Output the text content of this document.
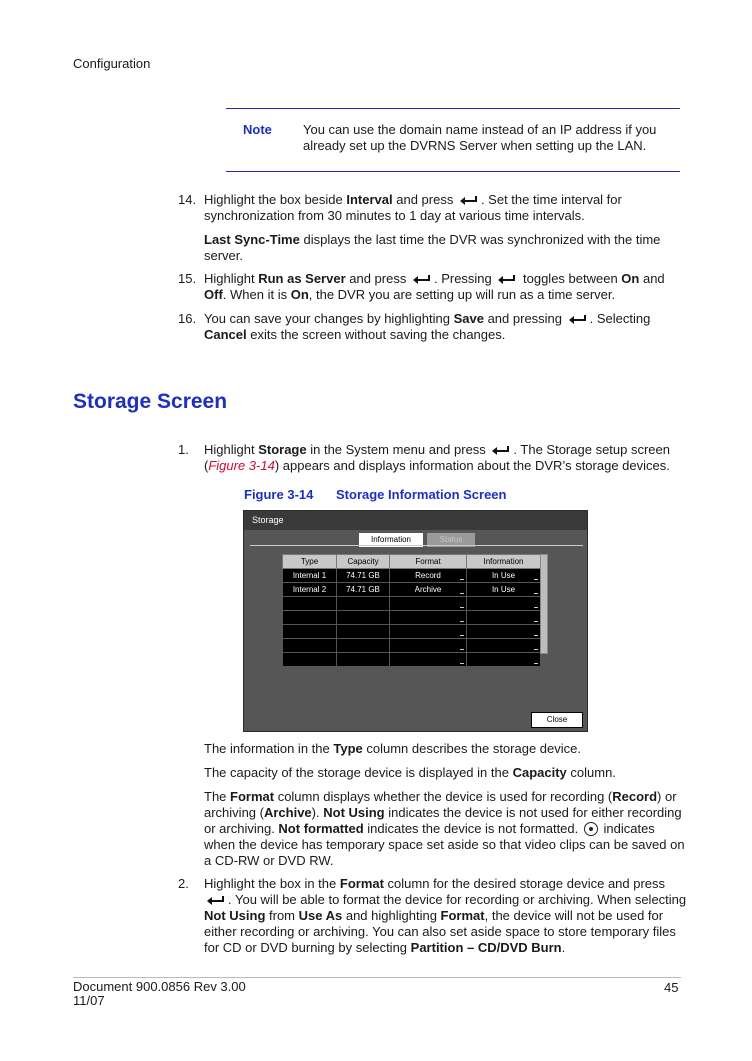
Configuration
Note You can use the domain name instead of an IP address if you already set up the DVRNS Server when setting up the LAN.
14. Highlight the box beside Interval and press . Set the time interval for synchronization from 30 minutes to 1 day at various time intervals.
Last Sync-Time displays the last time the DVR was synchronized with the time server.
15. Highlight Run as Server and press . Pressing  toggles between On and Off. When it is On, the DVR you are setting up will run as a time server.
16. You can save your changes by highlighting Save and pressing . Selecting Cancel exits the screen without saving the changes.
Storage Screen
1.	Highlight Storage in the System menu and press . The Storage setup screen (Figure 3-14) appears and displays information about the DVR’s storage devices.
Figure 3-14 Storage Information Screen
Storage
Information	Status
Type	Capacity	Format	Information
Internal 1	74.71 GB	Record	In Use
Internal 2	74.71 GB	Archive	In Use

Close
The information in the Type column describes the storage device.
The capacity of the storage device is displayed in the Capacity column.
The Format column displays whether the device is used for recording (Record) or archiving (Archive). Not Using indicates the device is not used for either recording or archiving. Not formatted indicates the device is not formatted.  indicates when the device has temporary space set aside so that video clips can be saved on a CD-RW or DVD RW.
2.	Highlight the box in the Format column for the desired storage device and press . You will be able to format the device for recording or archiving. When selecting Not Using from Use As and highlighting Format, the device will not be used for either recording or archiving. You can also set aside space to store temporary files for CD or DVD burning by selecting Partition – CD/DVD Burn.
Document 900.0856 Rev 3.00
11/07
45
